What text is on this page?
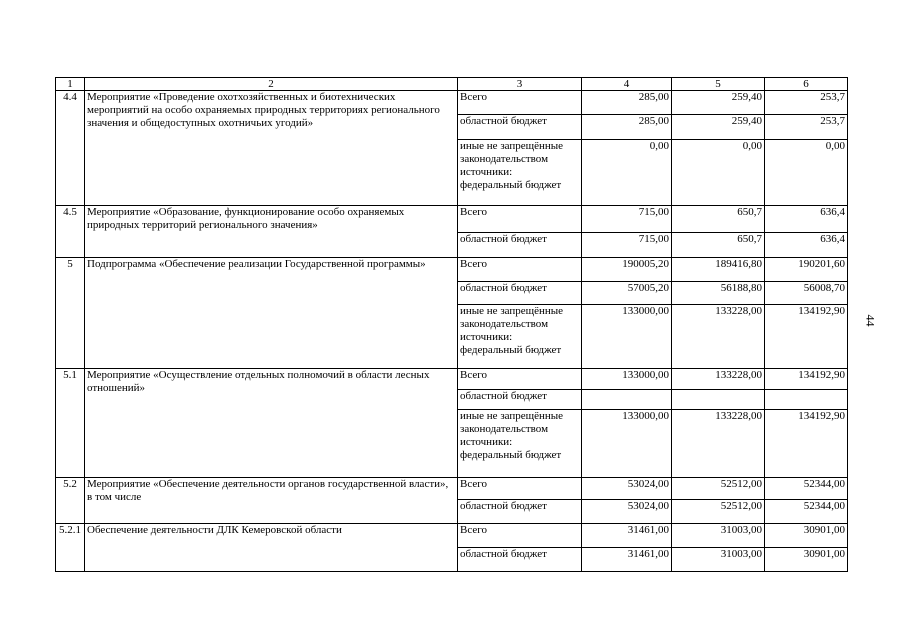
1	2	3	4	5	6
4.4	Мероприятие «Проведение охотхозяйственных и биотехнических мероприятий на особо охраняемых природных территориях регионального значения и общедоступных охотничьих угодий»	Всего	285,00	259,40	253,7
		областной бюджет	285,00	259,40	253,7

		иные не запрещённые
законодательством
источники:
федеральный бюджет	0,00	0,00	0,00
4.5	Мероприятие «Образование, функционирование особо охраняемых природных территорий регионального значения»	Всего	715,00	650,7	636,4
		областной бюджет	715,00	650,7	636,4
5	Подпрограмма «Обеспечение реализации Государственной программы»	Всего	190005,20	189416,80	190201,60
		областной бюджет	57005,20	56188,80	56008,70

		иные не запрещённые
законодательством
источники:
федеральный бюджет	133000,00	133228,00	134192,90
5.1	Мероприятие «Осуществление отдельных полномочий в области лесных отношений»	Всего	133000,00	133228,00	134192,90
		областной бюджет			

		иные не запрещённые
законодательством
источники:
федеральный бюджет	133000,00	133228,00	134192,90
5.2	Мероприятие «Обеспечение деятельности органов государственной власти», в том числе	Всего	53024,00	52512,00	52344,00
		областной бюджет	53024,00	52512,00	52344,00
5.2.1	Обеспечение деятельности ДЛК Кемеровской области	Всего	31461,00	31003,00	30901,00
		областной бюджет	31461,00	31003,00	30901,00
44
